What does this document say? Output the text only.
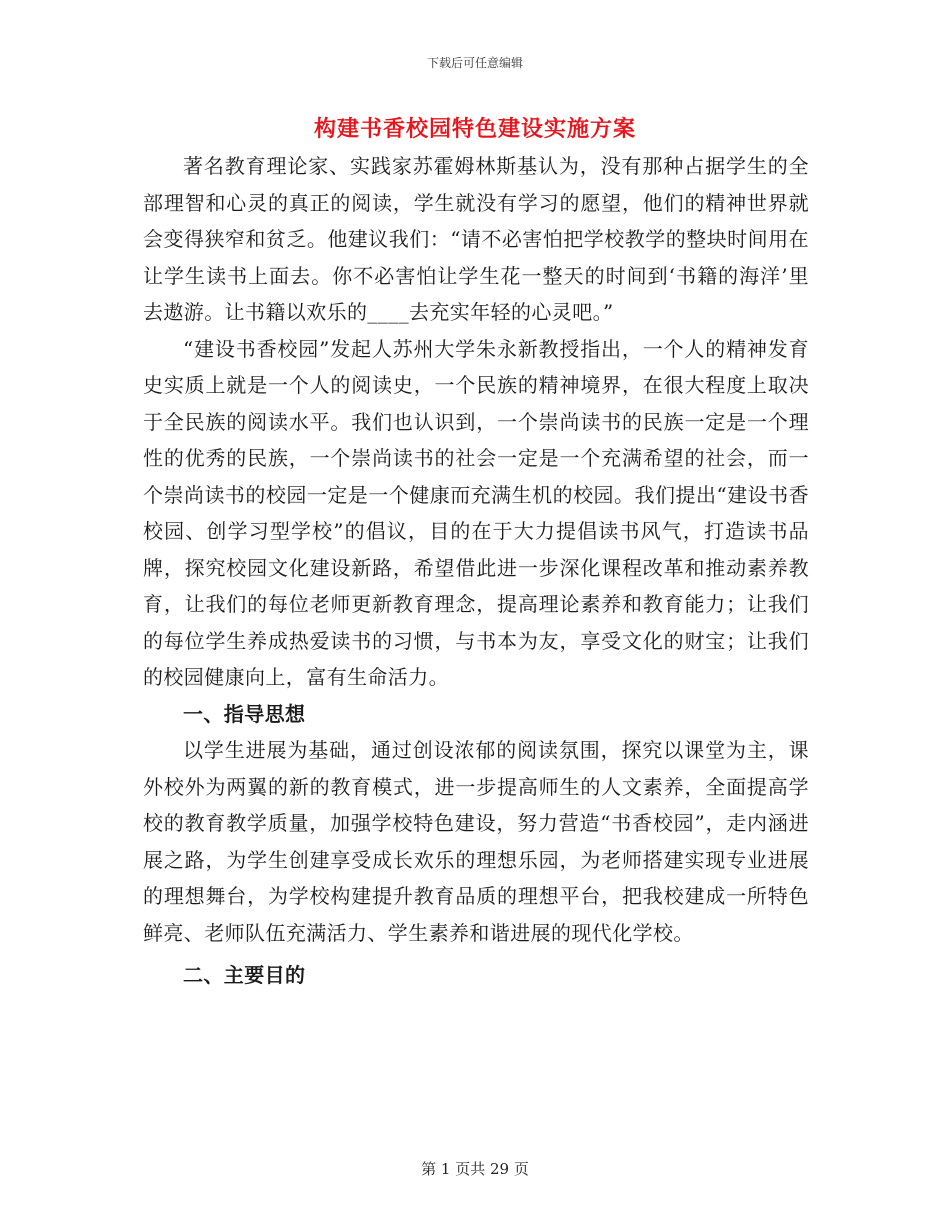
下载后可任意编辑
构建书香校园特色建设实施方案

著名教育理论家、实践家苏霍姆林斯基认为，没有那种占据学生的全部理智和心灵的真正的阅读，学生就没有学习的愿望，他们的精神世界就会变得狭窄和贫乏。他建议我们：“请不必害怕把学校教学的整块时间用在让学生读书上面去。你不必害怕让学生花一整天的时间到‘书籍的海洋’里去遨游。让书籍以欢乐的____去充实年轻的心灵吧。”

“建设书香校园”发起人苏州大学朱永新教授指出，一个人的精神发育史实质上就是一个人的阅读史，一个民族的精神境界，在很大程度上取决于全民族的阅读水平。我们也认识到，一个崇尚读书的民族一定是一个理性的优秀的民族，一个崇尚读书的社会一定是一个充满希望的社会，而一个崇尚读书的校园一定是一个健康而充满生机的校园。我们提出“建设书香校园、创学习型学校”的倡议，目的在于大力提倡读书风气，打造读书品牌，探究校园文化建设新路，希望借此进一步深化课程改革和推动素养教育，让我们的每位老师更新教育理念，提高理论素养和教育能力；让我们的每位学生养成热爱读书的习惯，与书本为友，享受文化的财宝；让我们的校园健康向上，富有生命活力。

一、指导思想

以学生进展为基础，通过创设浓郁的阅读氛围，探究以课堂为主，课外校外为两翼的新的教育模式，进一步提高师生的人文素养，全面提高学校的教育教学质量，加强学校特色建设，努力营造“书香校园”，走内涵进展之路，为学生创建享受成长欢乐的理想乐园，为老师搭建实现专业进展的理想舞台，为学校构建提升教育品质的理想平台，把我校建成一所特色鲜亮、老师队伍充满活力、学生素养和谐进展的现代化学校。

二、主要目的

第 1 页共 29 页
